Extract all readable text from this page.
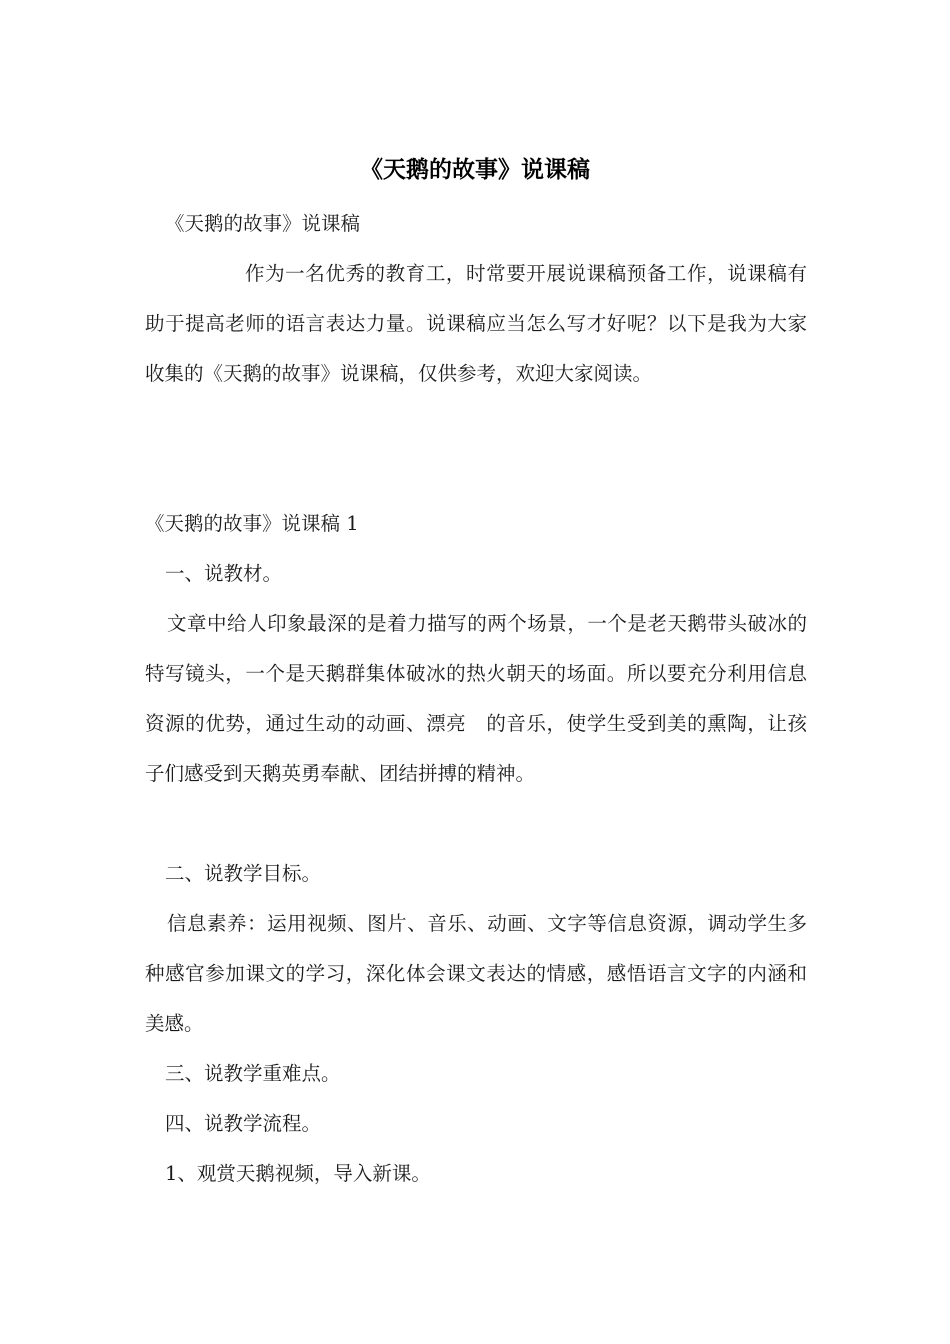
《天鹅的故事》说课稿

《天鹅的故事》说课稿

作为一名优秀的教育工，时常要开展说课稿预备工作，说课稿有助于提高老师的语言表达力量。说课稿应当怎么写才好呢？以下是我为大家收集的《天鹅的故事》说课稿，仅供参考，欢迎大家阅读。

《天鹅的故事》说课稿 1

一、说教材。

文章中给人印象最深的是着力描写的两个场景，一个是老天鹅带头破冰的特写镜头，一个是天鹅群集体破冰的热火朝天的场面。所以要充分利用信息资源的优势，通过生动的动画、漂亮　的音乐，使学生受到美的熏陶，让孩子们感受到天鹅英勇奉献、团结拼搏的精神。

二、说教学目标。

信息素养：运用视频、图片、音乐、动画、文字等信息资源，调动学生多种感官参加课文的学习，深化体会课文表达的情感，感悟语言文字的内涵和美感。

三、说教学重难点。

四、说教学流程。

1、观赏天鹅视频，导入新课。
